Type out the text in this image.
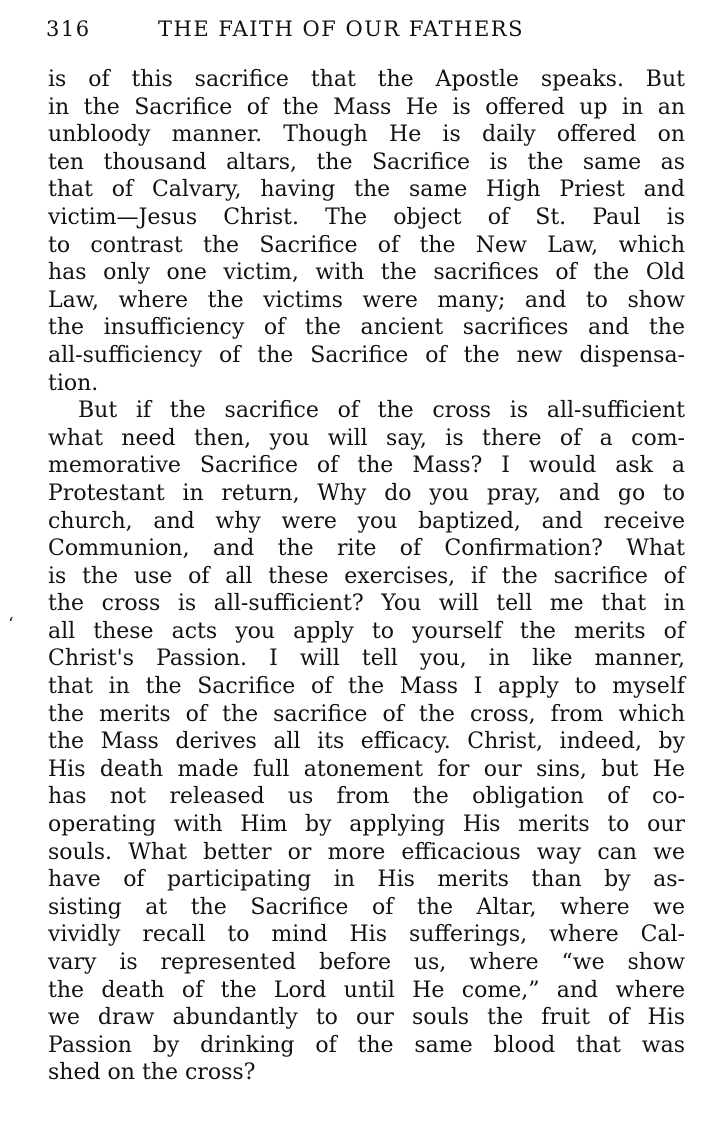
316	THE FAITH OF OUR FATHERS
ʻ
is of this sacrifice that the Apostle speaks. But
in the Sacrifice of the Mass He is offered up in an
unbloody manner. Though He is daily offered on
ten thousand altars, the Sacrifice is the same as
that of Calvary, having the same High Priest and
victim—Jesus Christ. The object of St. Paul is
to contrast the Sacrifice of the New Law, which
has only one victim, with the sacrifices of the Old
Law, where the victims were many; and to show
the insufficiency of the ancient sacrifices and the
all-sufficiency of the Sacrifice of the new dispensa-
tion.
But if the sacrifice of the cross is all-sufficient
what need then, you will say, is there of a com-
memorative Sacrifice of the Mass? I would ask a
Protestant in return, Why do you pray, and go to
church, and why were you baptized, and receive
Communion, and the rite of Confirmation? What
is the use of all these exercises, if the sacrifice of
the cross is all-sufficient? You will tell me that in
all these acts you apply to yourself the merits of
Christ's Passion. I will tell you, in like manner,
that in the Sacrifice of the Mass I apply to myself
the merits of the sacrifice of the cross, from which
the Mass derives all its efficacy. Christ, indeed, by
His death made full atonement for our sins, but He
has not released us from the obligation of co-
operating with Him by applying His merits to our
souls. What better or more efficacious way can we
have of participating in His merits than by as-
sisting at the Sacrifice of the Altar, where we
vividly recall to mind His sufferings, where Cal-
vary is represented before us, where “we show
the death of the Lord until He come,” and where
we draw abundantly to our souls the fruit of His
Passion by drinking of the same blood that was
shed on the cross?
